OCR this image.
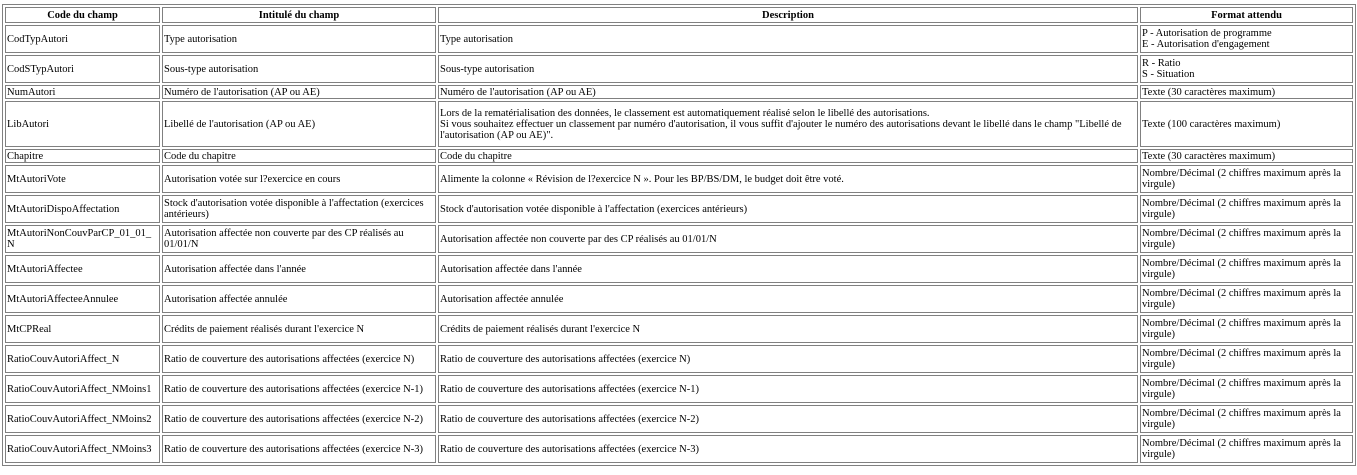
Code du champ	Intitulé du champ	Description	Format attendu
CodTypAutori	Type autorisation	Type autorisation	P - Autorisation de programme
E - Autorisation d'engagement

CodSTypAutori	Sous-type autorisation	Sous-type autorisation	R - Ratio
S - Situation

NumAutori	Numéro de l'autorisation (AP ou AE)	Numéro de l'autorisation (AP ou AE)	Texte (30 caractères maximum)

LibAutori	Libellé de l'autorisation (AP ou AE)	Lors de la rematérialisation des données, le classement est automatiquement réalisé selon le libellé des autorisations.
Si vous souhaitez effectuer un classement par numéro d'autorisation, il vous suffit d'ajouter le numéro des autorisations devant le libellé dans le champ "Libellé de l'autorisation (AP ou AE)".	Texte (100 caractères maximum)

Chapitre	Code du chapitre	Code du chapitre	Texte (30 caractères maximum)

MtAutoriVote	Autorisation votée sur l?exercice en cours	Alimente la colonne « Révision de l?exercice N ». Pour les BP/BS/DM, le budget doit être voté.	Nombre/Décimal (2 chiffres maximum après la virgule)

MtAutoriDispoAffectation	Stock d'autorisation votée disponible à l'affectation (exercices antérieurs)	Stock d'autorisation votée disponible à l'affectation (exercices antérieurs)	Nombre/Décimal (2 chiffres maximum après la virgule)

MtAutoriNonCouvParCP_01_01_N	Autorisation affectée non couverte par des CP réalisés au 01/01/N	Autorisation affectée non couverte par des CP réalisés au 01/01/N	Nombre/Décimal (2 chiffres maximum après la virgule)

MtAutoriAffectee	Autorisation affectée dans l'année	Autorisation affectée dans l'année	Nombre/Décimal (2 chiffres maximum après la virgule)

MtAutoriAffecteeAnnulee	Autorisation affectée annulée	Autorisation affectée annulée	Nombre/Décimal (2 chiffres maximum après la virgule)

MtCPReal	Crédits de paiement réalisés durant l'exercice N	Crédits de paiement réalisés durant l'exercice N	Nombre/Décimal (2 chiffres maximum après la virgule)

RatioCouvAutoriAffect_N	Ratio de couverture des autorisations affectées (exercice N)	Ratio de couverture des autorisations affectées (exercice N)	Nombre/Décimal (2 chiffres maximum après la virgule)

RatioCouvAutoriAffect_NMoins1	Ratio de couverture des autorisations affectées (exercice N-1)	Ratio de couverture des autorisations affectées (exercice N-1)	Nombre/Décimal (2 chiffres maximum après la virgule)

RatioCouvAutoriAffect_NMoins2	Ratio de couverture des autorisations affectées (exercice N-2)	Ratio de couverture des autorisations affectées (exercice N-2)	Nombre/Décimal (2 chiffres maximum après la virgule)

RatioCouvAutoriAffect_NMoins3	Ratio de couverture des autorisations affectées (exercice N-3)	Ratio de couverture des autorisations affectées (exercice N-3)	Nombre/Décimal (2 chiffres maximum après la virgule)
